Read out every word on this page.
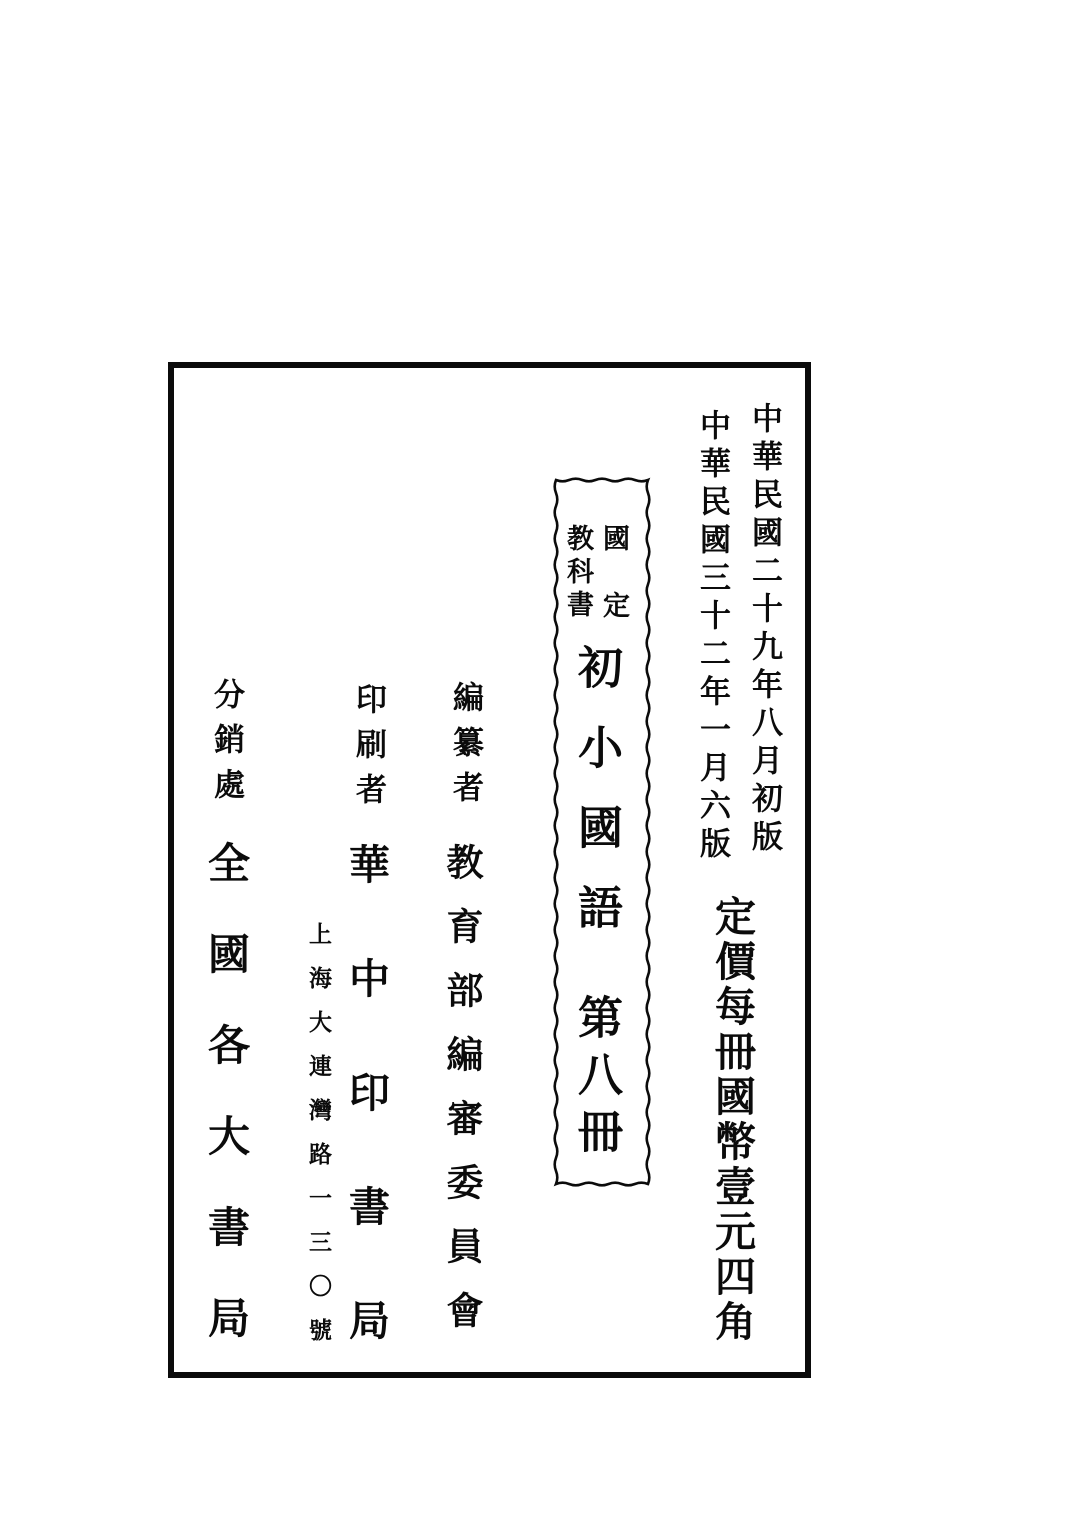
中華民國二十九年八月初版
中華民國三十二年一月六版
定價每冊國幣壹元四角
國定
教科書
初小國語
第八冊
編纂者
教育部編審委員會
印刷者
華中印書局
上海大連灣路一三〇號
分銷處
全國各大書局
